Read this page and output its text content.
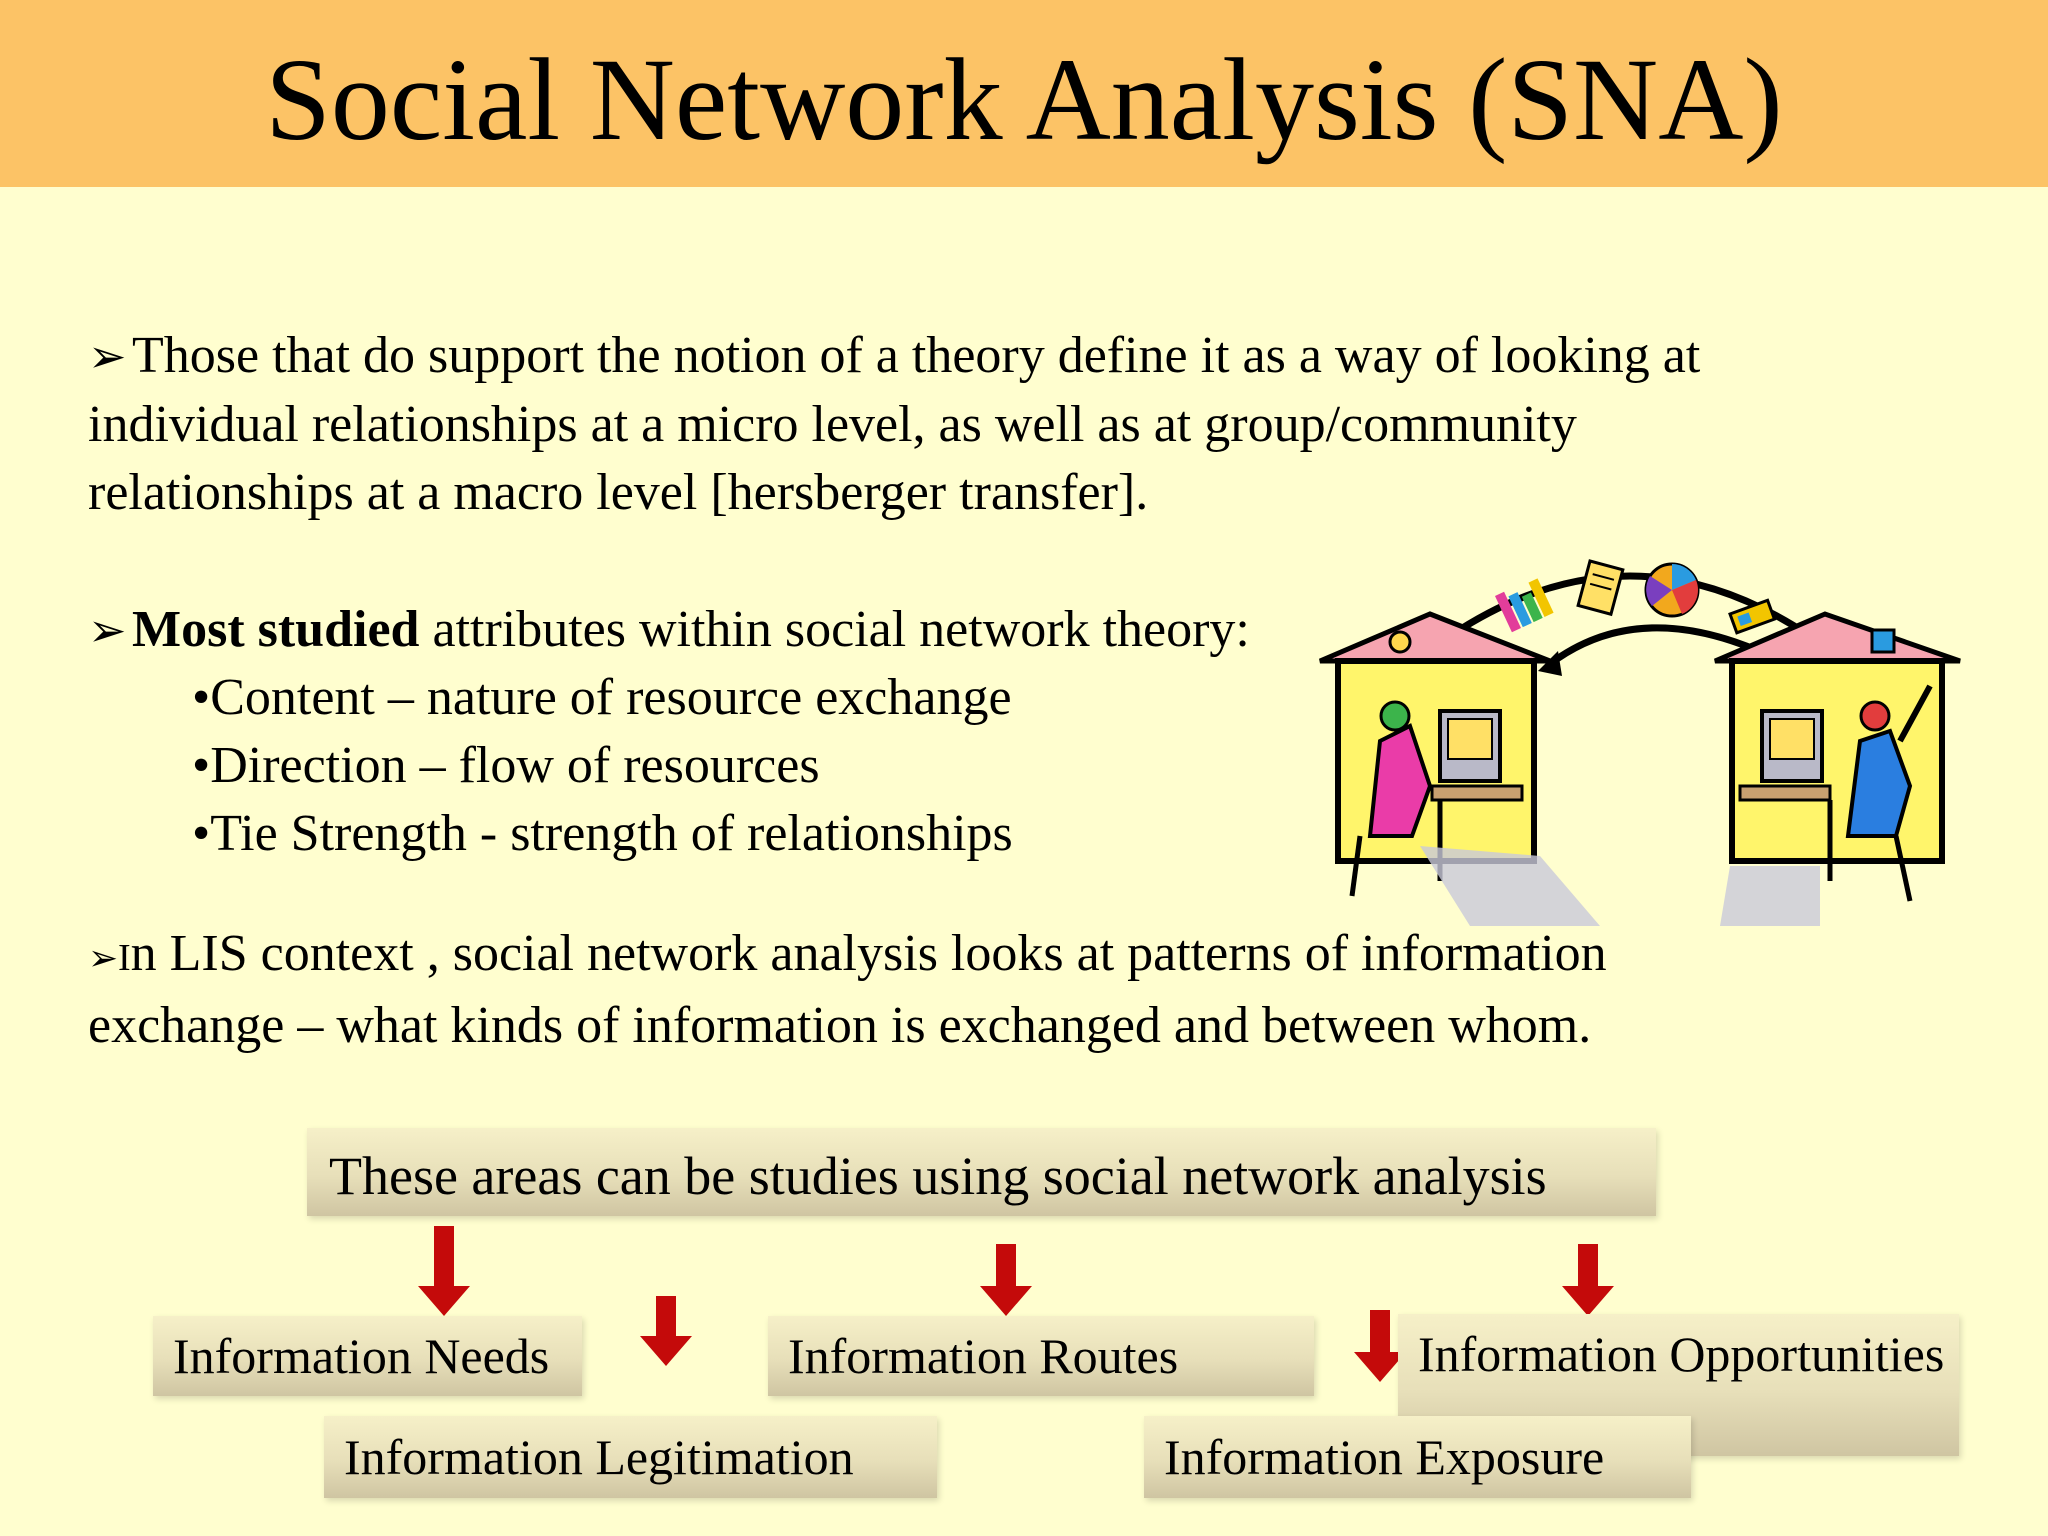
Social Network Analysis (SNA)
➢ Those that do support the notion of a theory define it as a way of looking at
individual relationships at a micro level, as well as at group/community
relationships at a macro level [hersberger transfer].
➢ Most studied attributes within social network theory:
•Content – nature of resource exchange
•Direction – flow of resources
•Tie Strength - strength of relationships
➢In LIS context , social network analysis looks at patterns of information
exchange – what kinds of information is exchanged and between whom.
These areas can be studies using social network analysis
Information Needs	Information Routes	Information Opportunities
Information Legitimation	Information Exposure
